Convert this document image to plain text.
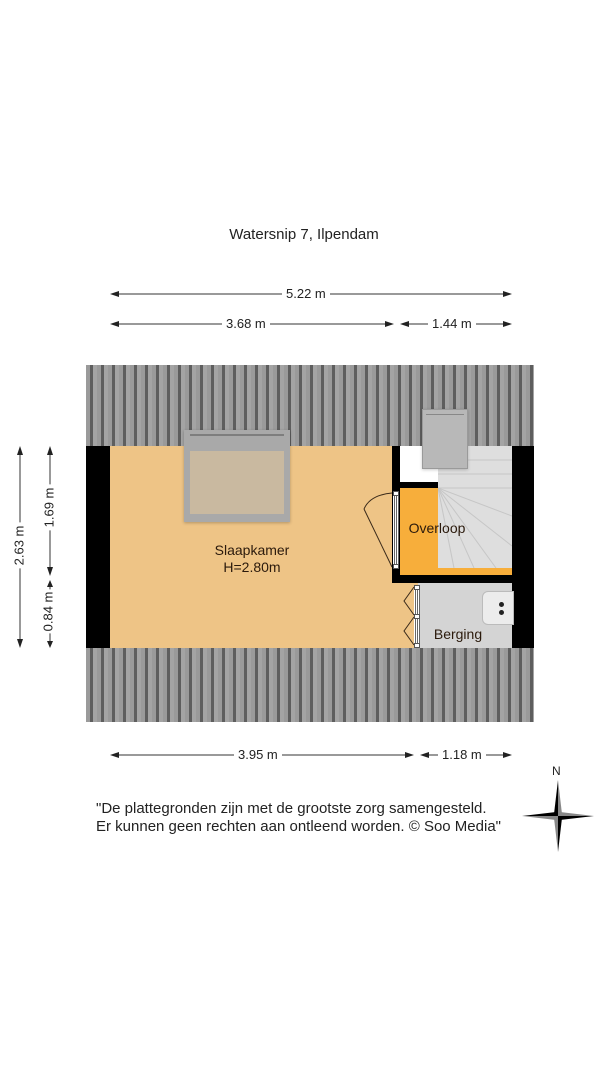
Watersnip 7, Ilpendam
5.22 m
3.68 m	1.44 m
2.63 m
1.69 m
0.84 m
Slaapkamer
H=2.80m
Overloop
Berging
3.95 m	1.18 m
N
"De plattegronden zijn met de grootste zorg samengesteld.
Er kunnen geen rechten aan ontleend worden. © Soo Media"
